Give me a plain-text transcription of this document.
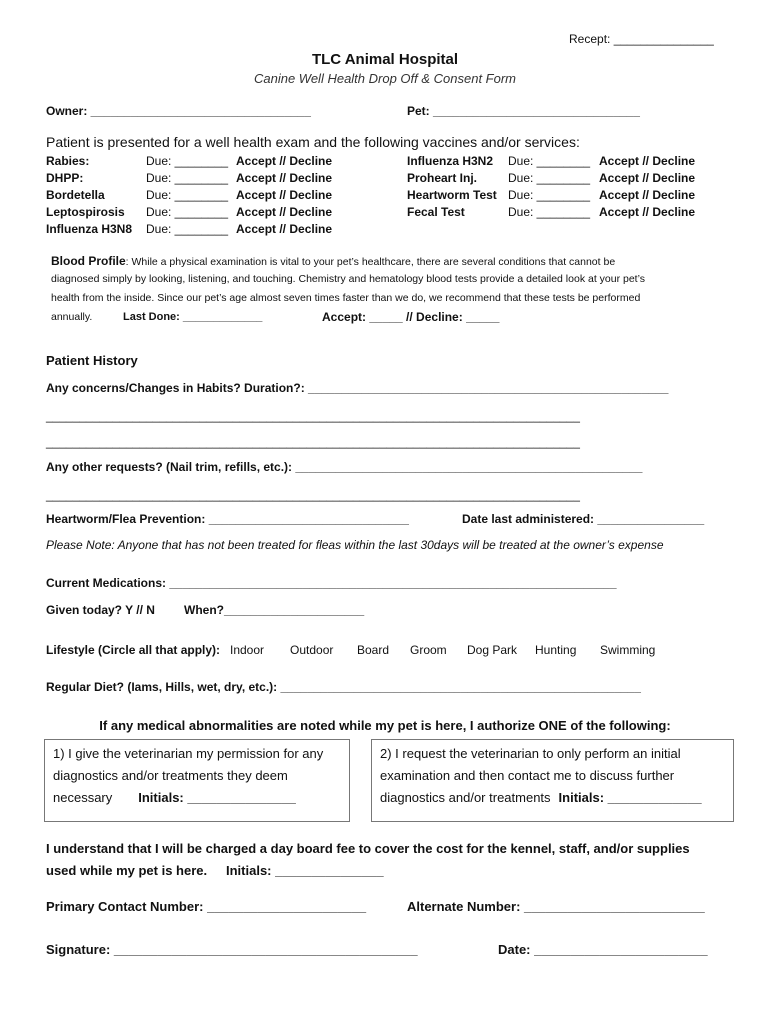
Recept: _______________
TLC Animal Hospital
Canine Well Health Drop Off & Consent Form
Owner: _________________________________	Pet: _______________________________
Patient is presented for a well health exam and the following vaccines and/or services:
Rabies:	Due: ________ Accept // Decline
DHPP:	Due: ________ Accept // Decline
Bordetella	Due: ________ Accept // Decline
Leptospirosis Due: ________ Accept // Decline
Influenza H3N8 Due: ________ Accept // Decline
Influenza H3N2 Due: ________ Accept // Decline
Proheart Inj.	Due: ________ Accept // Decline
Heartworm Test Due: ________ Accept // Decline
Fecal Test	Due: ________ Accept // Decline
Blood Profile: While a physical examination is vital to your pet’s healthcare, there are several conditions that cannot be
diagnosed simply by looking, listening, and touching. Chemistry and hematology blood tests provide a detailed look at your pet’s
health from the inside. Since our pet’s age almost seven times faster than we do, we recommend that these tests be performed
annually.	Last Done: _____________	Accept: _____ // Decline: _____
Patient History
Any concerns/Changes in Habits? Duration?: ______________________________________________________
________________________________________________________________________________
________________________________________________________________________________
Any other requests? (Nail trim, refills, etc.): ____________________________________________________
________________________________________________________________________________
Heartworm/Flea Prevention: ______________________________	Date last administered: ________________
Please Note: Anyone that has not been treated for fleas within the last 30days will be treated at the owner’s expense
Current Medications: ___________________________________________________________________
Given today? Y // N When?_____________________
Lifestyle (Circle all that apply): Indoor Outdoor Board Groom Dog Park Hunting Swimming
Regular Diet? (Iams, Hills, wet, dry, etc.): ______________________________________________________
If any medical abnormalities are noted while my pet is here, I authorize ONE of the following:

1) I give the veterinarian my permission for any

diagnostics and/or treatments they deem

necessary Initials: _______________

2) I request the veterinarian to only perform an initial

examination and then contact me to discuss further

diagnostics and/or treatments Initials: _____________

I understand that I will be charged a day board fee to cover the cost for the kennel, staff, and/or supplies
used while my pet is here. Initials: _______________
Primary Contact Number: ______________________	Alternate Number: _________________________
Signature: __________________________________________	Date: ________________________
